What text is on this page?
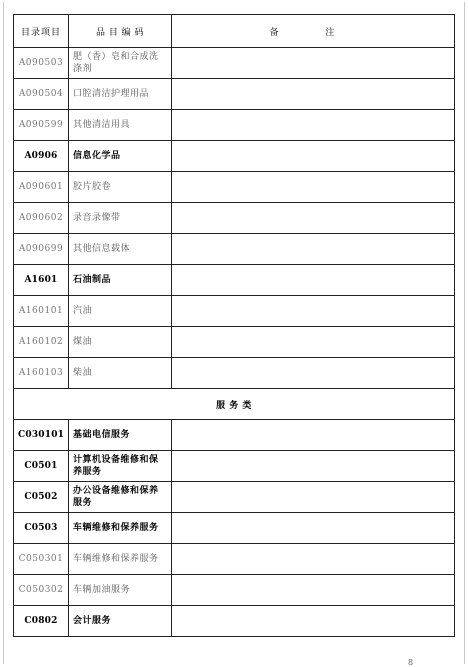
目录项目	品 目 编 码	备 注
A090503	肥（香）皂和合成洗涤剂	
A090504	口腔清洁护理用品	
A090599	其他清洁用具	
A0906	信息化学品	
A090601	胶片胶卷	
A090602	录音录像带	
A090699	其他信息载体	
A1601	石油制品	
A160101	汽油	
A160102	煤油	
A160103	柴油	
服 务 类		
C030101	基础电信服务	
C0501	计算机设备维修和保养服务	
C0502	办公设备维修和保养服务	
C0503	车辆维修和保养服务	
C050301	车辆维修和保养服务	
C050302	车辆加油服务	
C0802	会计服务	
8
